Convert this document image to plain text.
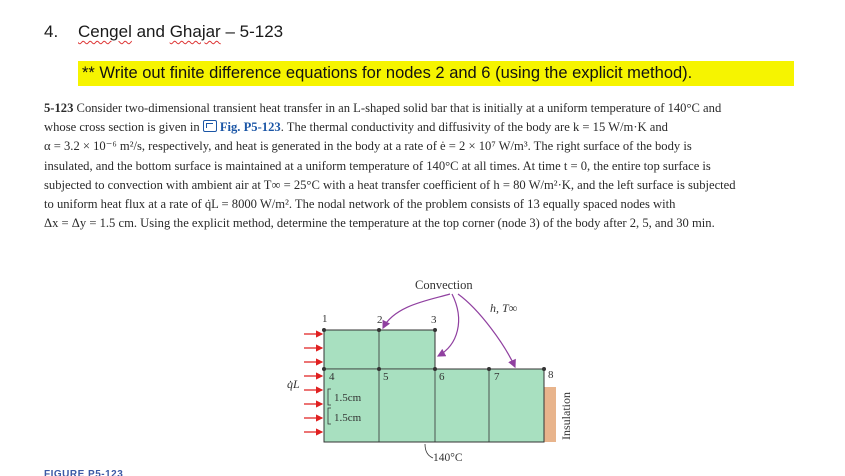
4. Cengel and Ghajar – 5-123
** Write out finite difference equations for nodes 2 and 6 (using the explicit method).

5-123 Consider two-dimensional transient heat transfer in an L-shaped solid bar that is initially at a uniform temperature of 140°C and

whose cross section is given in Fig. P5-123. The thermal conductivity and diffusivity of the body are k = 15 W/m·K and

α = 3.2 × 10⁻⁶ m²/s, respectively, and heat is generated in the body at a rate of ė = 2 × 10⁷ W/m³. The right surface of the body is

insulated, and the bottom surface is maintained at a uniform temperature of 140°C at all times. At time t = 0, the entire top surface is

subjected to convection with ambient air at T∞ = 25°C with a heat transfer coefficient of h = 80 W/m²·K, and the left surface is subjected

to uniform heat flux at a rate of q̇L = 8000 W/m². The nodal network of the problem consists of 13 equally spaced nodes with

Δx = Δy = 1.5 cm. Using the explicit method, determine the temperature at the top corner (node 3) of the body after 2, 5, and 30 min.

1	2	3
4	5	6	7	8
Convection
h, T∞
q̇L
1.5cm
1.5cm
140°C
Insulation
FIGURE P5-123
